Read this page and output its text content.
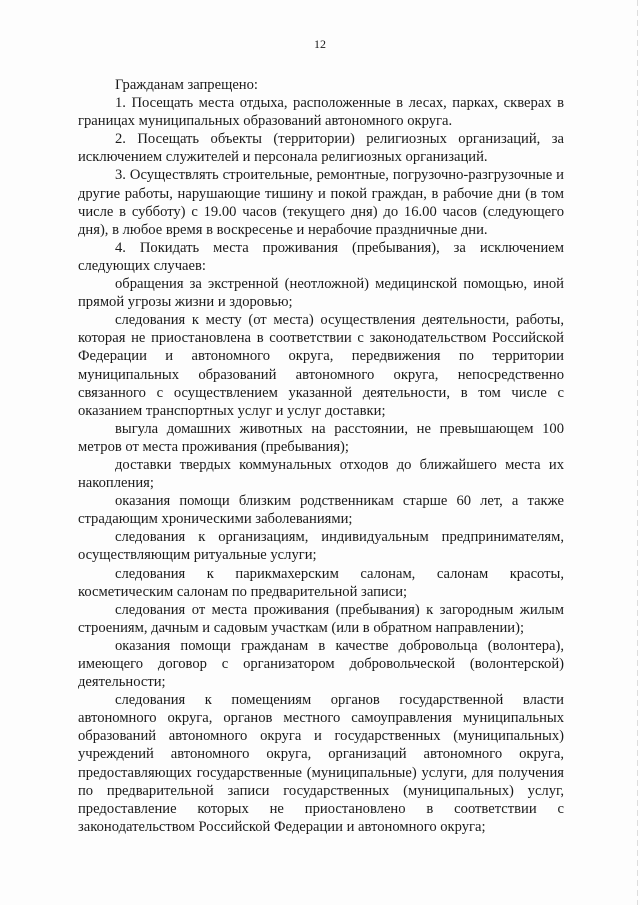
12

Гражданам запрещено:

1. Посещать места отдыха, расположенные в лесах, парках, скверах в границах муниципальных образований автономного округа.

2. Посещать объекты (территории) религиозных организаций, за исключением служителей и персонала религиозных организаций.

3. Осуществлять строительные, ремонтные, погрузочно-разгрузочные и другие работы, нарушающие тишину и покой граждан, в рабочие дни (в том числе в субботу) с 19.00 часов (текущего дня) до 16.00 часов (следующего дня), в любое время в воскресенье и нерабочие праздничные дни.

4. Покидать места проживания (пребывания), за исключением следующих случаев:

обращения за экстренной (неотложной) медицинской помощью, иной прямой угрозы жизни и здоровью;

следования к месту (от места) осуществления деятельности, работы, которая не приостановлена в соответствии с законодательством Российской Федерации и автономного округа, передвижения по территории муниципальных образований автономного округа, непосредственно связанного с осуществлением указанной деятельности, в том числе с оказанием транспортных услуг и услуг доставки;

выгула домашних животных на расстоянии, не превышающем 100 метров от места проживания (пребывания);

доставки твердых коммунальных отходов до ближайшего места их накопления;

оказания помощи близким родственникам старше 60 лет, а также страдающим хроническими заболеваниями;

следования к организациям, индивидуальным предпринимателям, осуществляющим ритуальные услуги;

следования к парикмахерским салонам, салонам красоты, косметическим салонам по предварительной записи;

следования от места проживания (пребывания) к загородным жилым строениям, дачным и садовым участкам (или в обратном направлении);

оказания помощи гражданам в качестве добровольца (волонтера), имеющего договор с организатором добровольческой (волонтерской) деятельности;

следования к помещениям органов государственной власти автономного округа, органов местного самоуправления муниципальных образований автономного округа и государственных (муниципальных) учреждений автономного округа, организаций автономного округа, предоставляющих государственные (муниципальные) услуги, для получения по предварительной записи государственных (муниципальных) услуг, предоставление которых не приостановлено в соответствии с законодательством Российской Федерации и автономного округа;
